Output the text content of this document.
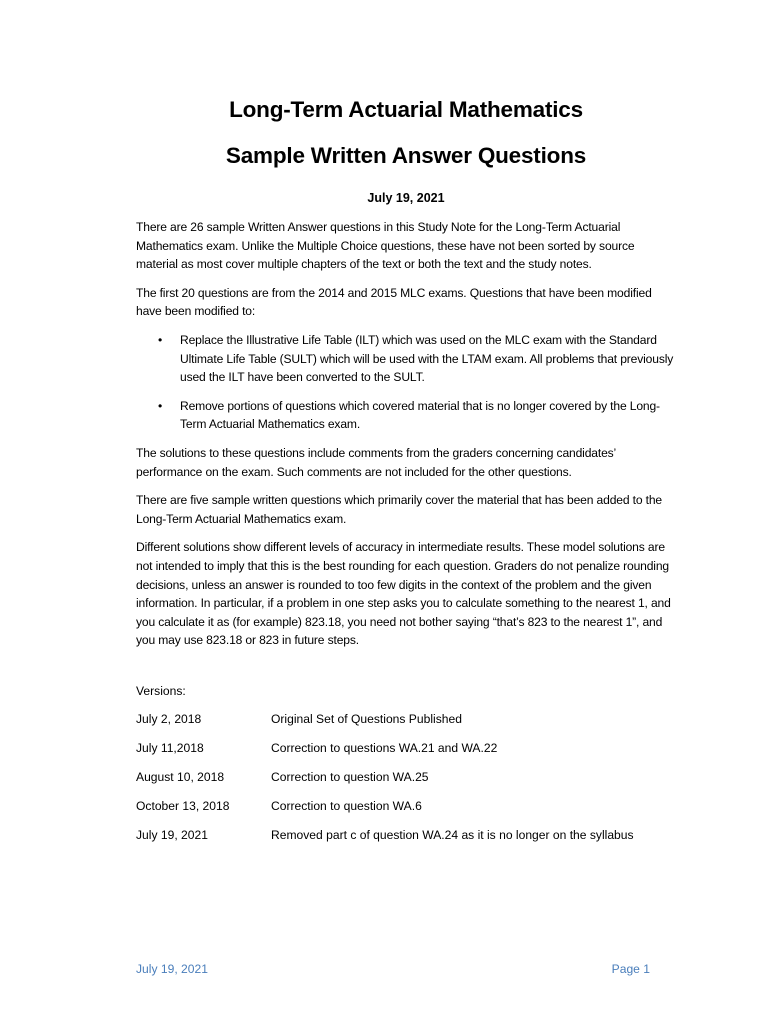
Long-Term Actuarial Mathematics
Sample Written Answer Questions
July 19, 2021

There are 26 sample Written Answer questions in this Study Note for the Long-Term Actuarial Mathematics exam. Unlike the Multiple Choice questions, these have not been sorted by source material as most cover multiple chapters of the text or both the text and the study notes.

The first 20 questions are from the 2014 and 2015 MLC exams. Questions that have been modified have been modified to:

• Replace the Illustrative Life Table (ILT) which was used on the MLC exam with the Standard Ultimate Life Table (SULT) which will be used with the LTAM exam. All problems that previously used the ILT have been converted to the SULT.
• Remove portions of questions which covered material that is no longer covered by the Long-Term Actuarial Mathematics exam.

The solutions to these questions include comments from the graders concerning candidates’ performance on the exam. Such comments are not included for the other questions.

There are five sample written questions which primarily cover the material that has been added to the Long-Term Actuarial Mathematics exam.

Different solutions show different levels of accuracy in intermediate results. These model solutions are not intended to imply that this is the best rounding for each question. Graders do not penalize rounding decisions, unless an answer is rounded to too few digits in the context of the problem and the given information. In particular, if a problem in one step asks you to calculate something to the nearest 1, and you calculate it as (for example) 823.18, you need not bother saying “that’s 823 to the nearest 1”, and you may use 823.18 or 823 in future steps.

Versions:
July 2, 2018	Original Set of Questions Published
July 11,2018	Correction to questions WA.21 and WA.22
August 10, 2018	Correction to question WA.25
October 13, 2018	Correction to question WA.6
July 19, 2021	Removed part c of question WA.24 as it is no longer on the syllabus
July 19, 2021	Page 1
